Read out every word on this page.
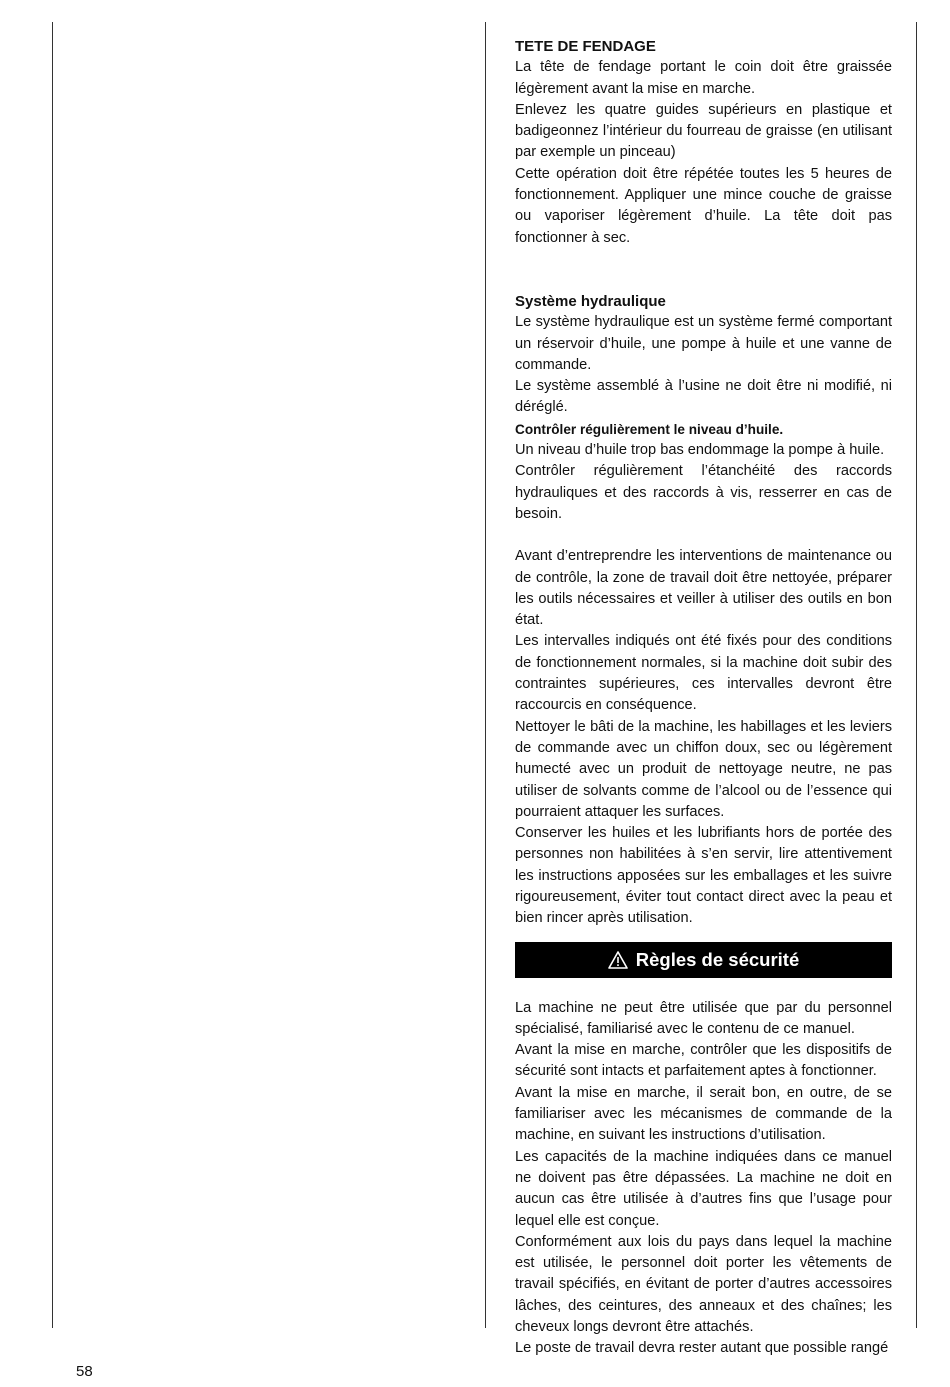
TETE DE FENDAGE

La tête de fendage portant le coin doit être graissée légèrement avant la mise en marche.

Enlevez les quatre guides supérieurs en plastique et badigeonnez l’intérieur du fourreau de graisse (en utilisant par exemple un pinceau)

Cette opération doit être répétée toutes les 5 heures de fonctionnement. Appliquer une mince couche de graisse ou vaporiser légèrement d’huile. La tête doit pas fonctionner à sec.

Système hydraulique

Le système hydraulique est un système fermé comportant un réservoir d’huile, une pompe à huile et une vanne de commande.

Le système assemblé à l’usine ne doit être ni modifié, ni déréglé.

Contrôler régulièrement le niveau d’huile.

Un niveau d’huile trop bas endommage la pompe à huile.

Contrôler régulièrement l’étanchéité des raccords hydrauliques et des raccords à vis, resserrer en cas de besoin.

Avant d’entreprendre les interventions de maintenance ou de contrôle, la zone de travail doit être nettoyée, préparer les outils nécessaires et veiller à utiliser des outils en bon état.

Les intervalles indiqués ont été fixés pour des conditions de fonctionnement normales, si la machine doit subir des contraintes supérieures, ces intervalles devront être raccourcis en conséquence.

Nettoyer le bâti de la machine, les habillages et les leviers de commande avec un chiffon doux, sec ou légèrement humecté avec un produit de nettoyage neutre, ne pas utiliser de solvants comme de l’alcool ou de l’essence qui pourraient attaquer les surfaces.

Conserver les huiles et les lubrifiants hors de portée des personnes non habilitées à s’en servir, lire attentivement les instructions apposées sur les emballages et les suivre rigoureusement, éviter tout contact direct avec la peau et bien rincer après utilisation.

Règles de sécurité

La machine ne peut être utilisée que par du personnel spécialisé, familiarisé avec le contenu de ce manuel.

Avant la mise en marche, contrôler que les dispositifs de sécurité sont intacts et parfaitement aptes à fonctionner.

Avant la mise en marche, il serait bon, en outre, de se familiariser avec les mécanismes de commande de la machine, en suivant les instructions d’utilisation.

Les capacités de la machine indiquées dans ce manuel ne doivent pas être dépassées. La machine ne doit en aucun cas être utilisée à d’autres fins que l’usage pour lequel elle est conçue.

Conformément aux lois du pays dans lequel la machine est utilisée, le personnel doit porter les vêtements de travail spécifiés, en évitant de porter d’autres accessoires lâches, des ceintures, des anneaux et des chaînes; les cheveux longs devront être attachés.

Le poste de travail devra rester autant que possible rangé

58
